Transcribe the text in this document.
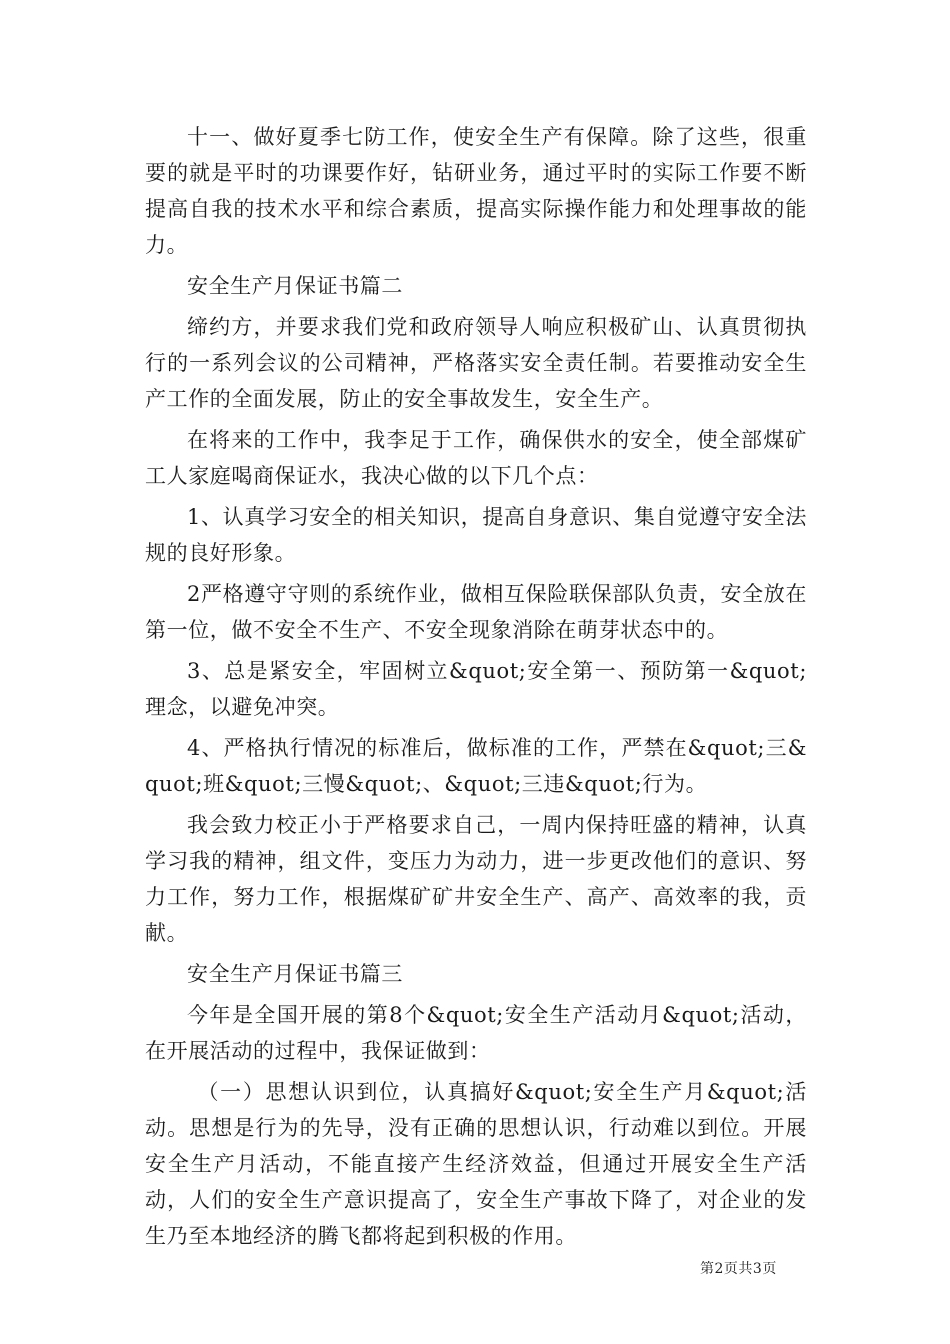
十一、做好夏季七防工作，使安全生产有保障。除了这些，很重要的就是平时的功课要作好，钻研业务，通过平时的实际工作要不断提高自我的技术水平和综合素质，提高实际操作能力和处理事故的能力。

安全生产月保证书篇二

缔约方，并要求我们党和政府领导人响应积极矿山、认真贯彻执行的一系列会议的公司精神，严格落实安全责任制。若要推动安全生产工作的全面发展，防止的安全事故发生，安全生产。

在将来的工作中，我李足于工作，确保供水的安全，使全部煤矿工人家庭喝商保证水，我决心做的以下几个点：

1、认真学习安全的相关知识，提高自身意识、集自觉遵守安全法规的良好形象。

2严格遵守守则的系统作业，做相互保险联保部队负责，安全放在第一位，做不安全不生产、不安全现象消除在萌芽状态中的。

3、总是紧安全，牢固树立&quot;安全第一、预防第一&quot;理念，以避免冲突。

4、严格执行情况的标准后，做标准的工作，严禁在&quot;三&quot;班&quot;三慢&quot;、&quot;三违&quot;行为。

我会致力校正小于严格要求自己，一周内保持旺盛的精神，认真学习我的精神，组文件，变压力为动力，进一步更改他们的意识、努力工作，努力工作，根据煤矿矿井安全生产、高产、高效率的我，贡献。

安全生产月保证书篇三

今年是全国开展的第8个&quot;安全生产活动月&quot;活动，在开展活动的过程中，我保证做到：

（一）思想认识到位，认真搞好&quot;安全生产月&quot;活动。思想是行为的先导，没有正确的思想认识，行动难以到位。开展安全生产月活动，不能直接产生经济效益，但通过开展安全生产活动，人们的安全生产意识提高了，安全生产事故下降了，对企业的发生乃至本地经济的腾飞都将起到积极的作用。

第2页共3页
